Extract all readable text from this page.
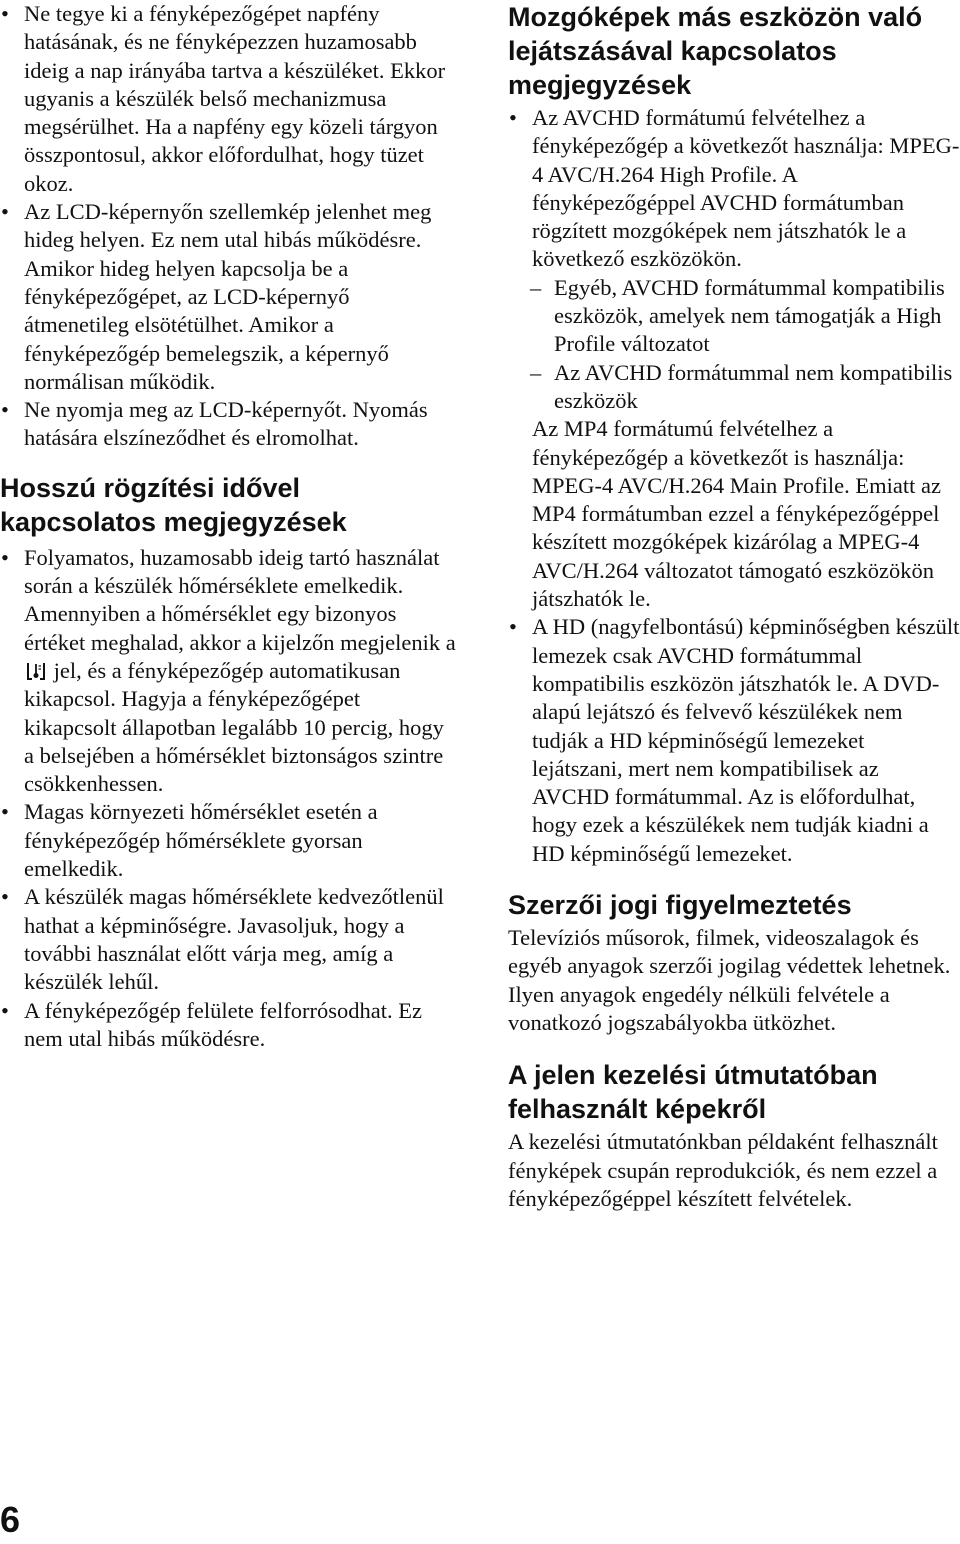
• Ne tegye ki a fényképezőgépet napfény hatásának, és ne fényképezzen huzamosabb ideig a nap irányába tartva a készüléket. Ekkor ugyanis a készülék belső mechanizmusa megsérülhet. Ha a napfény egy közeli tárgyon összpontosul, akkor előfordulhat, hogy tüzet okoz.
• Az LCD-képernyőn szellemkép jelenhet meg hideg helyen. Ez nem utal hibás működésre. Amikor hideg helyen kapcsolja be a fényképezőgépet, az LCD-képernyő átmenetileg elsötétülhet. Amikor a fényképezőgép bemelegszik, a képernyő normálisan működik.
• Ne nyomja meg az LCD-képernyőt. Nyomás hatására elszíneződhet és elromolhat.
Hosszú rögzítési idővel kapcsolatos megjegyzések
• Folyamatos, huzamosabb ideig tartó használat során a készülék hőmérséklete emelkedik.
Amennyiben a hőmérséklet egy bizonyos értéket meghalad, akkor a kijelzőn megjelenik a  jel, és a fényképezőgép automatikusan kikapcsol. Hagyja a fényképezőgépet kikapcsolt állapotban legalább 10 percig, hogy a belsejében a hőmérséklet biztonságos szintre csökkenhessen.
• Magas környezeti hőmérséklet esetén a fényképezőgép hőmérséklete gyorsan emelkedik.
• A készülék magas hőmérséklete kedvezőtlenül hathat a képminőségre. Javasoljuk, hogy a további használat előtt várja meg, amíg a készülék lehűl.
• A fényképezőgép felülete felforrósodhat. Ez nem utal hibás működésre.
Mozgóképek más eszközön való lejátszásával kapcsolatos megjegyzések
• Az AVCHD formátumú felvételhez a fényképezőgép a következőt használja: MPEG-4 AVC/H.264 High Profile. A fényképezőgéppel AVCHD formátumban rögzített mozgóképek nem játszhatók le a következő eszközökön.
– Egyéb, AVCHD formátummal kompatibilis eszközök, amelyek nem támogatják a High Profile változatot
– Az AVCHD formátummal nem kompatibilis eszközök
Az MP4 formátumú felvételhez a fényképezőgép a következőt is használja: MPEG-4 AVC/H.264 Main Profile. Emiatt az MP4 formátumban ezzel a fényképezőgéppel készített mozgóképek kizárólag a MPEG-4 AVC/H.264 változatot támogató eszközökön játszhatók le.
• A HD (nagyfelbontású) képminőségben készült lemezek csak AVCHD formátummal kompatibilis eszközön játszhatók le. A DVD-alapú lejátszó és felvevő készülékek nem tudják a HD képminőségű lemezeket lejátszani, mert nem kompatibilisek az AVCHD formátummal. Az is előfordulhat, hogy ezek a készülékek nem tudják kiadni a HD képminőségű lemezeket.
Szerzői jogi figyelmeztetés

Televíziós műsorok, filmek, videoszalagok és egyéb anyagok szerzői jogilag védettek lehetnek. Ilyen anyagok engedély nélküli felvétele a vonatkozó jogszabályokba ütközhet.

A jelen kezelési útmutatóban felhasznált képekről

A kezelési útmutatónkban példaként felhasznált fényképek csupán reprodukciók, és nem ezzel a fényképezőgéppel készített felvételek.

6
